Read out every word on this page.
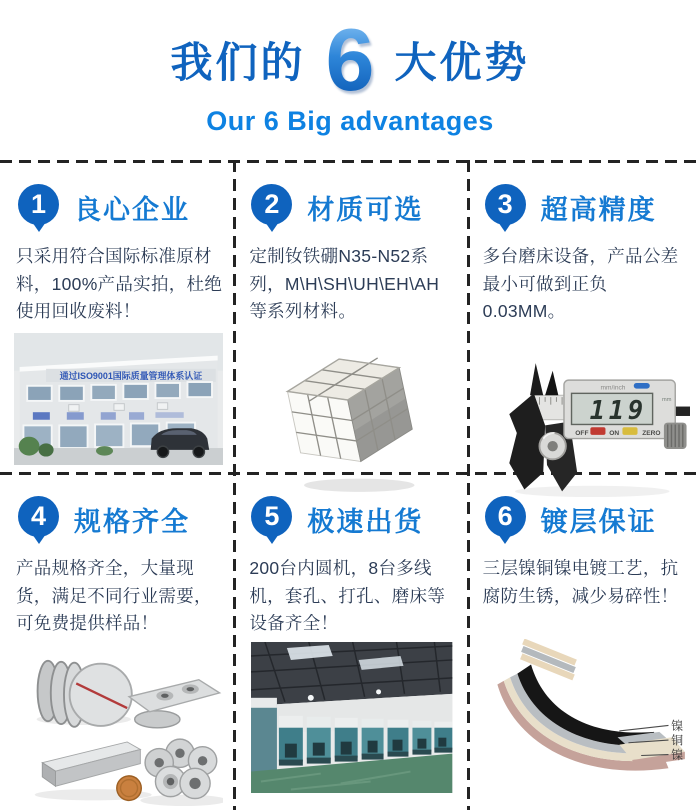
我们的 6 大优势
Our 6 Big advantages
1 良心企业

只采用符合国际标准原材料，100%产品实拍，杜绝使用回收废料！

通过ISO9001国际质量管理体系认证
2 材质可选

定制钕铁硼N35-N52系列，M\H\SH\UH\EH\AH等系列材料。

3 超高精度

多台磨床设备，产品公差最小可做到正负0.03MM。

mm/inch
119	mm
OFF	ON	ZERO
4 规格齐全

产品规格齐全，大量现货，满足不同行业需要，可免费提供样品！

5 极速出货

200台内圆机，8台多线机，套孔、打孔、磨床等设备齐全！

6 镀层保证

三层镍铜镍电镀工艺，抗腐防生锈，减少易碎性！

镍
铜
镍
